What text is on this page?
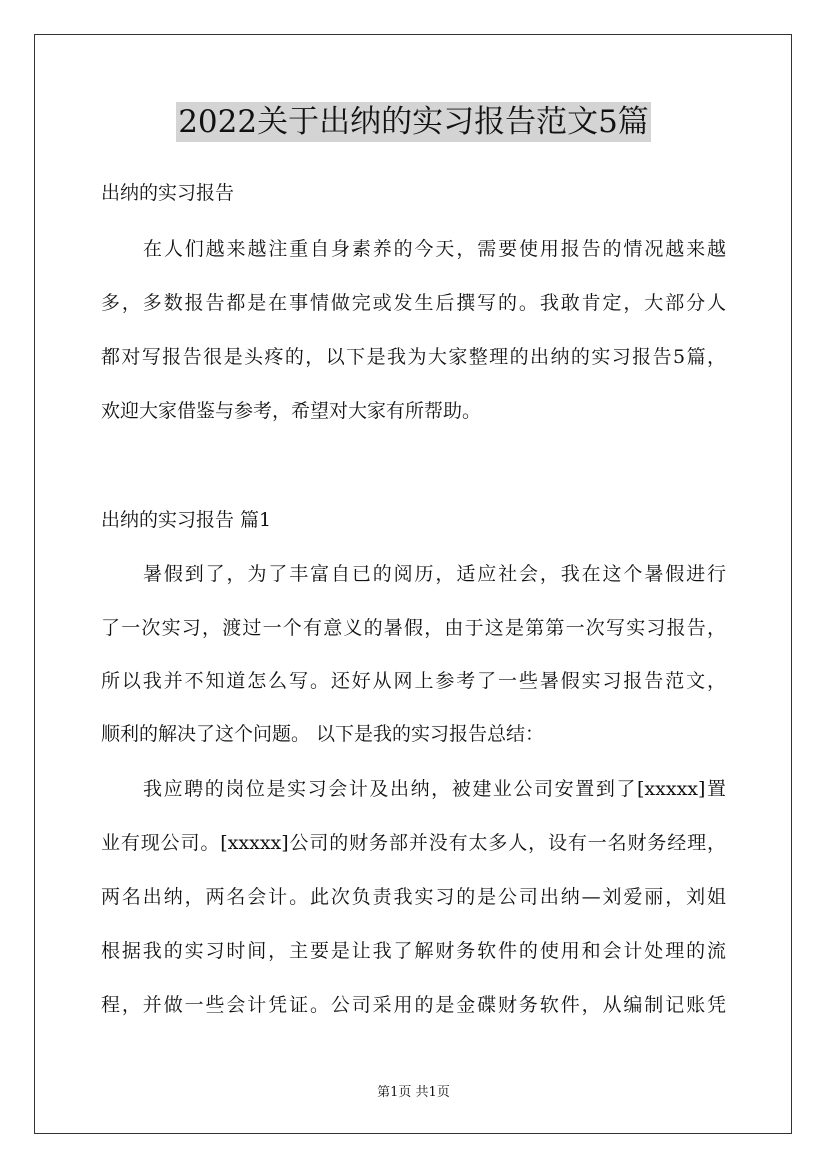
2022关于出纳的实习报告范文5篇
出纳的实习报告
在人们越来越注重自身素养的今天，需要使用报告的情况越来越
多，多数报告都是在事情做完或发生后撰写的。我敢肯定，大部分人
都对写报告很是头疼的，以下是我为大家整理的出纳的实习报告5篇，
欢迎大家借鉴与参考，希望对大家有所帮助。
出纳的实习报告 篇1
暑假到了，为了丰富自已的阅历，适应社会，我在这个暑假进行
了一次实习，渡过一个有意义的暑假，由于这是第第一次写实习报告，
所以我并不知道怎么写。还好从网上参考了一些暑假实习报告范文，
顺利的解决了这个问题。 以下是我的实习报告总结：
我应聘的岗位是实习会计及出纳，被建业公司安置到了[xxxxx]置
业有现公司。[xxxxx]公司的财务部并没有太多人，设有一名财务经理，
两名出纳，两名会计。此次负责我实习的是公司出纳—刘爱丽，刘姐
根据我的实习时间，主要是让我了解财务软件的使用和会计处理的流
程，并做一些会计凭证。公司采用的是金碟财务软件，从编制记账凭
第1页 共1页
